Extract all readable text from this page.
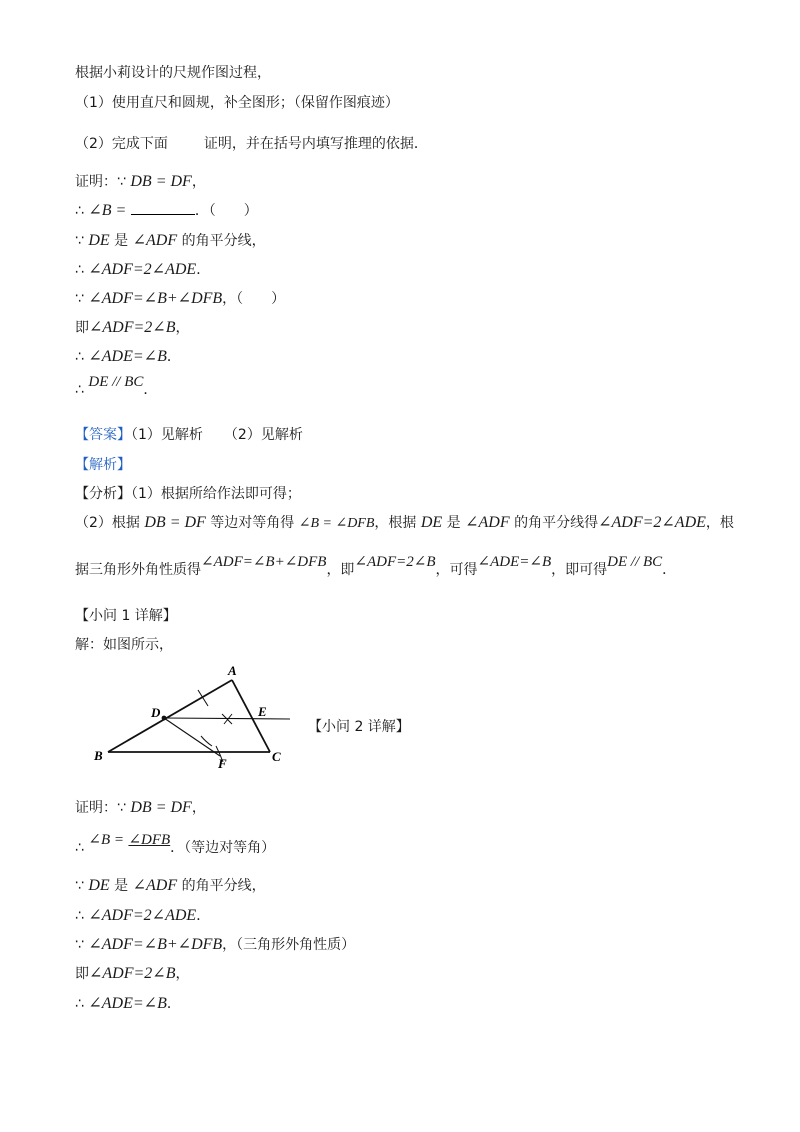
根据小莉设计的尺规作图过程，
（1）使用直尺和圆规，补全图形；（保留作图痕迹）
（2）完成下面	证明，并在括号内填写推理的依据．
证明：∵ DB = DF，
∴ ∠B =	．（　　）
∵ DE 是 ∠ADF 的角平分线，
∴ ∠ADF=2∠ADE．
∵ ∠ADF=∠B+∠DFB，（　　）
即∠ADF=2∠B，
∴ ∠ADE=∠B．
∴ DE // BC．
【答案】（1）见解析　　（2）见解析
【解析】
【分析】（1）根据所给作法即可得；
（2）根据 DB = DF 等边对等角得 ∠B = ∠DFB，根据 DE 是 ∠ADF 的角平分线得∠ADF=2∠ADE，根
据三角形外角性质得∠ADF=∠B+∠DFB，即∠ADF=2∠B，可得∠ADE=∠B，即可得DE // BC．
【小问 1 详解】
解：如图所示，
A
B	C
D	E
F
【小问 2 详解】
证明：∵ DB = DF，
∴ ∠B = ∠DFB．（等边对等角）
∵ DE 是 ∠ADF 的角平分线，
∴ ∠ADF=2∠ADE．
∵ ∠ADF=∠B+∠DFB，（三角形外角性质）
即∠ADF=2∠B，
∴ ∠ADE=∠B．
